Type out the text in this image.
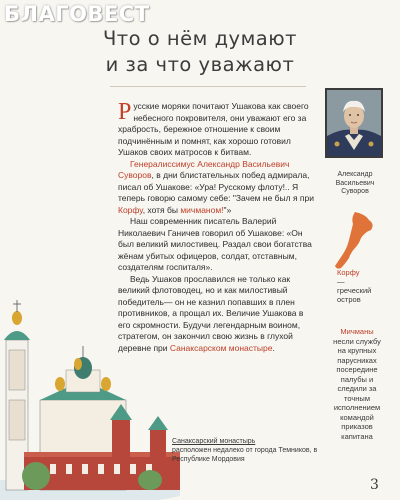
БЛАГОВЕСТ
Что о нём думают
и за что уважают

Русские моряки почитают Ушакова как своего небесного покровителя, они уважают его за храбрость, бережное отношение к своим подчинённым и помнят, как хорошо готовил Ушаков своих матросов к битвам.

Генералиссимус Александр Васильевич Суворов, в дни блистательных побед адмирала, писал об Ушакове: «Ура! Русскому флоту!.. Я теперь говорю самому себе: "Зачем не был я при Корфу, хотя бы мичманом!"»

Наш современник писатель Валерий Николаевич Ганичев говорил об Ушакове: «Он был великий милостивец. Раздал свои богатства жёнам убитых офицеров, солдат, отставным, создателям госпиталя».

Ведь Ушаков прославился не только как великий флотоводец, но и как милостивый победитель— он не казнил попавших в плен противников, а прощал их. Величие Ушакова в его скромности. Будучи легендарным воином, стратегом, он закончил свою жизнь в глухой деревне при Санаксарском монастыре.

Александр
Васильевич
Суворов
Корфу
—
греческий
остров
Мичманы несли службу на крупных парусниках посередине палубы и следили за точным исполнением командой приказов капитана
Санаксарский монастырь
расположен недалеко от города Темников, в Республике Мордовия
3
